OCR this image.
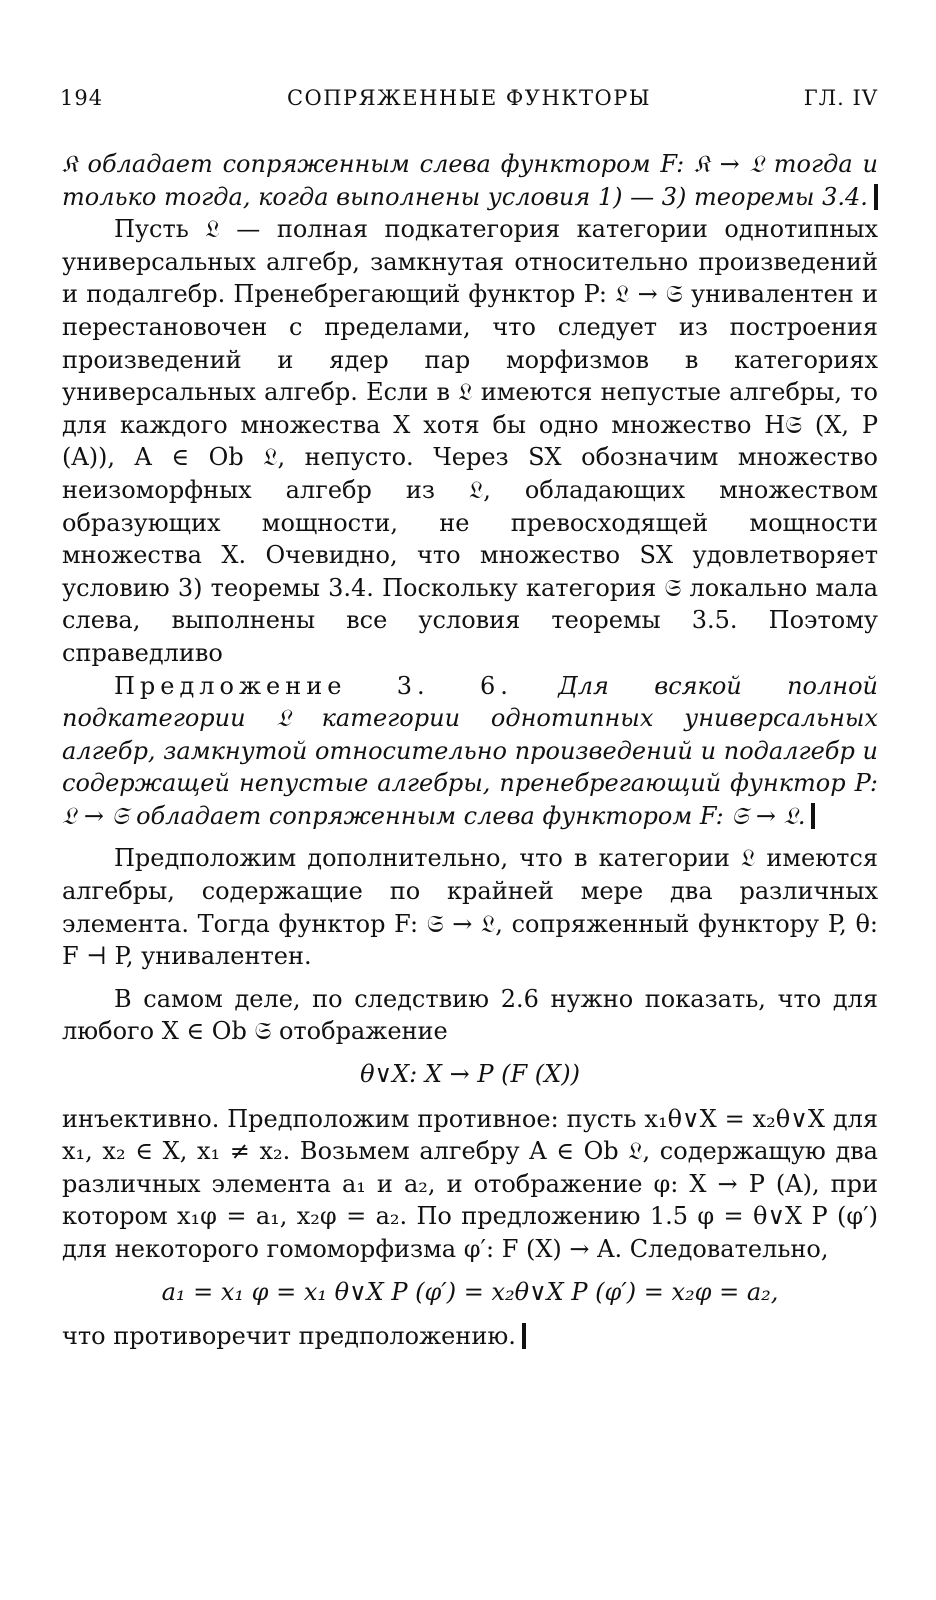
194	СОПРЯЖЕННЫЕ ФУНКТОРЫ	ГЛ. IV

𝔎 обладает сопряженным слева функтором F: 𝔎 → 𝔏 тогда и только тогда, когда выполнены условия 1) — 3) теоремы 3.4.

Пусть 𝔏 — полная подкатегория категории однотипных универсальных алгебр, замкнутая относительно произведений и подалгебр. Пренебрегающий функтор P: 𝔏 → 𝔖 унивалентен и перестановочен с пределами, что следует из построения произведений и ядер пар морфизмов в категориях универсальных алгебр. Если в 𝔏 имеются непустые алгебры, то для каждого множества X хотя бы одно множество H𝔖 (X, P (A)), A ∈ Ob 𝔏, непусто. Через SX обозначим множество неизоморфных алгебр из 𝔏, обладающих множеством образующих мощности, не превосходящей мощности множества X. Очевидно, что множество SX удовлетворяет условию 3) теоремы 3.4. Поскольку категория 𝔖 локально мала слева, выполнены все условия теоремы 3.5. Поэтому справедливо

Предложение 3. 6. Для всякой полной подкатегории 𝔏 категории однотипных универсальных алгебр, замкнутой относительно произведений и подалгебр и содержащей непустые алгебры, пренебрегающий функтор P: 𝔏 → 𝔖 обладает сопряженным слева функтором F: 𝔖 → 𝔏.

Предположим дополнительно, что в категории 𝔏 имеются алгебры, содержащие по крайней мере два различных элемента. Тогда функтор F: 𝔖 → 𝔏, сопряженный функтору P, θ: F ⊣ P, унивалентен.

В самом деле, по следствию 2.6 нужно показать, что для любого X ∈ Ob 𝔖 отображение

θ∨X: X → P (F (X))

инъективно. Предположим противное: пусть x₁θ∨X = x₂θ∨X для x₁, x₂ ∈ X, x₁ ≠ x₂. Возьмем алгебру A ∈ Ob 𝔏, содержащую два различных элемента a₁ и a₂, и отображение φ: X → P (A), при котором x₁φ = a₁, x₂φ = a₂. По предложению 1.5 φ = θ∨X P (φ′) для некоторого гомоморфизма φ′: F (X) → A. Следовательно,

a₁ = x₁ φ = x₁ θ∨X P (φ′) = x₂θ∨X P (φ′) = x₂φ = a₂,

что противоречит предположению.
